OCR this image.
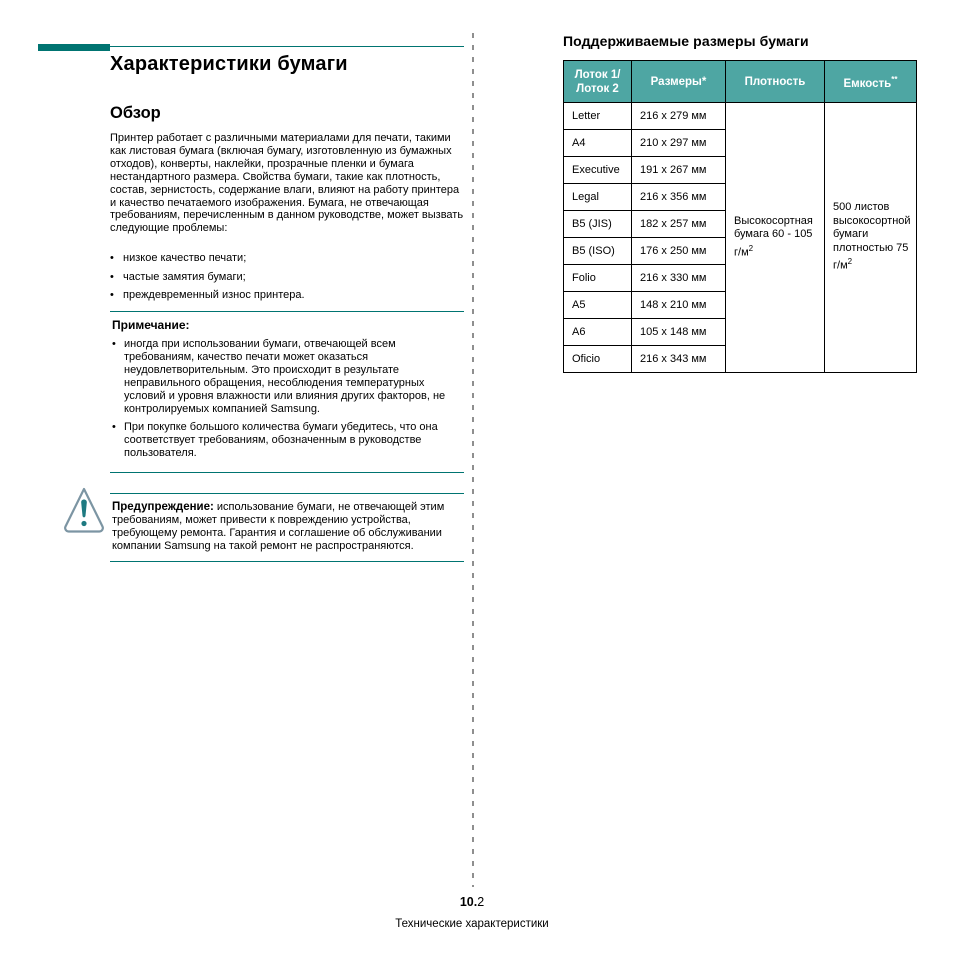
Характеристики бумаги
Обзор

Принтер работает с различными материалами для печати, такими как листовая бумага (включая бумагу, изготовленную из бумажных отходов), конверты, наклейки, прозрачные пленки и бумага нестандартного размера. Свойства бумаги, такие как плотность, состав, зернистость, содержание влаги, влияют на работу принтера и качество печатаемого изображения. Бумага, не отвечающая требованиям, перечисленным в данном руководстве, может вызвать следующие проблемы:

• низкое качество печати;
• частые замятия бумаги;
• преждевременный износ принтера.
Примечание:
• иногда при использовании бумаги, отвечающей всем требованиям, качество печати может оказаться неудовлетворительным. Это происходит в результате неправильного обращения, несоблюдения температурных условий и уровня влажности или влияния других факторов, не контролируемых компанией Samsung.
• При покупке большого количества бумаги убедитесь, что она соответствует требованиям, обозначенным в руководстве пользователя.
Предупреждение: использование бумаги, не отвечающей этим требованиям, может привести к повреждению устройства, требующему ремонта. Гарантия и соглашение об обслуживании компании Samsung на такой ремонт не распространяются.
Поддерживаемые размеры бумаги
Лоток 1/ Лоток 2	Размеры*	Плотность	Емкость**
Letter	216 x 279 мм	Высокосортная бумага 60 - 105 $г/м^2$	500 листов высокосортной бумаги плотностью 75 $г/м^2$
A4	210 x 297 мм		
Executive	191 x 267 мм		
Legal	216 x 356 мм		
B5 (JIS)	182 x 257 мм		
B5 (ISO)	176 x 250 мм		
Folio	216 x 330 мм		
A5	148 x 210 мм		
A6	105 x 148 мм		
Oficio	216 x 343 мм		
10.2
Технические характеристики
